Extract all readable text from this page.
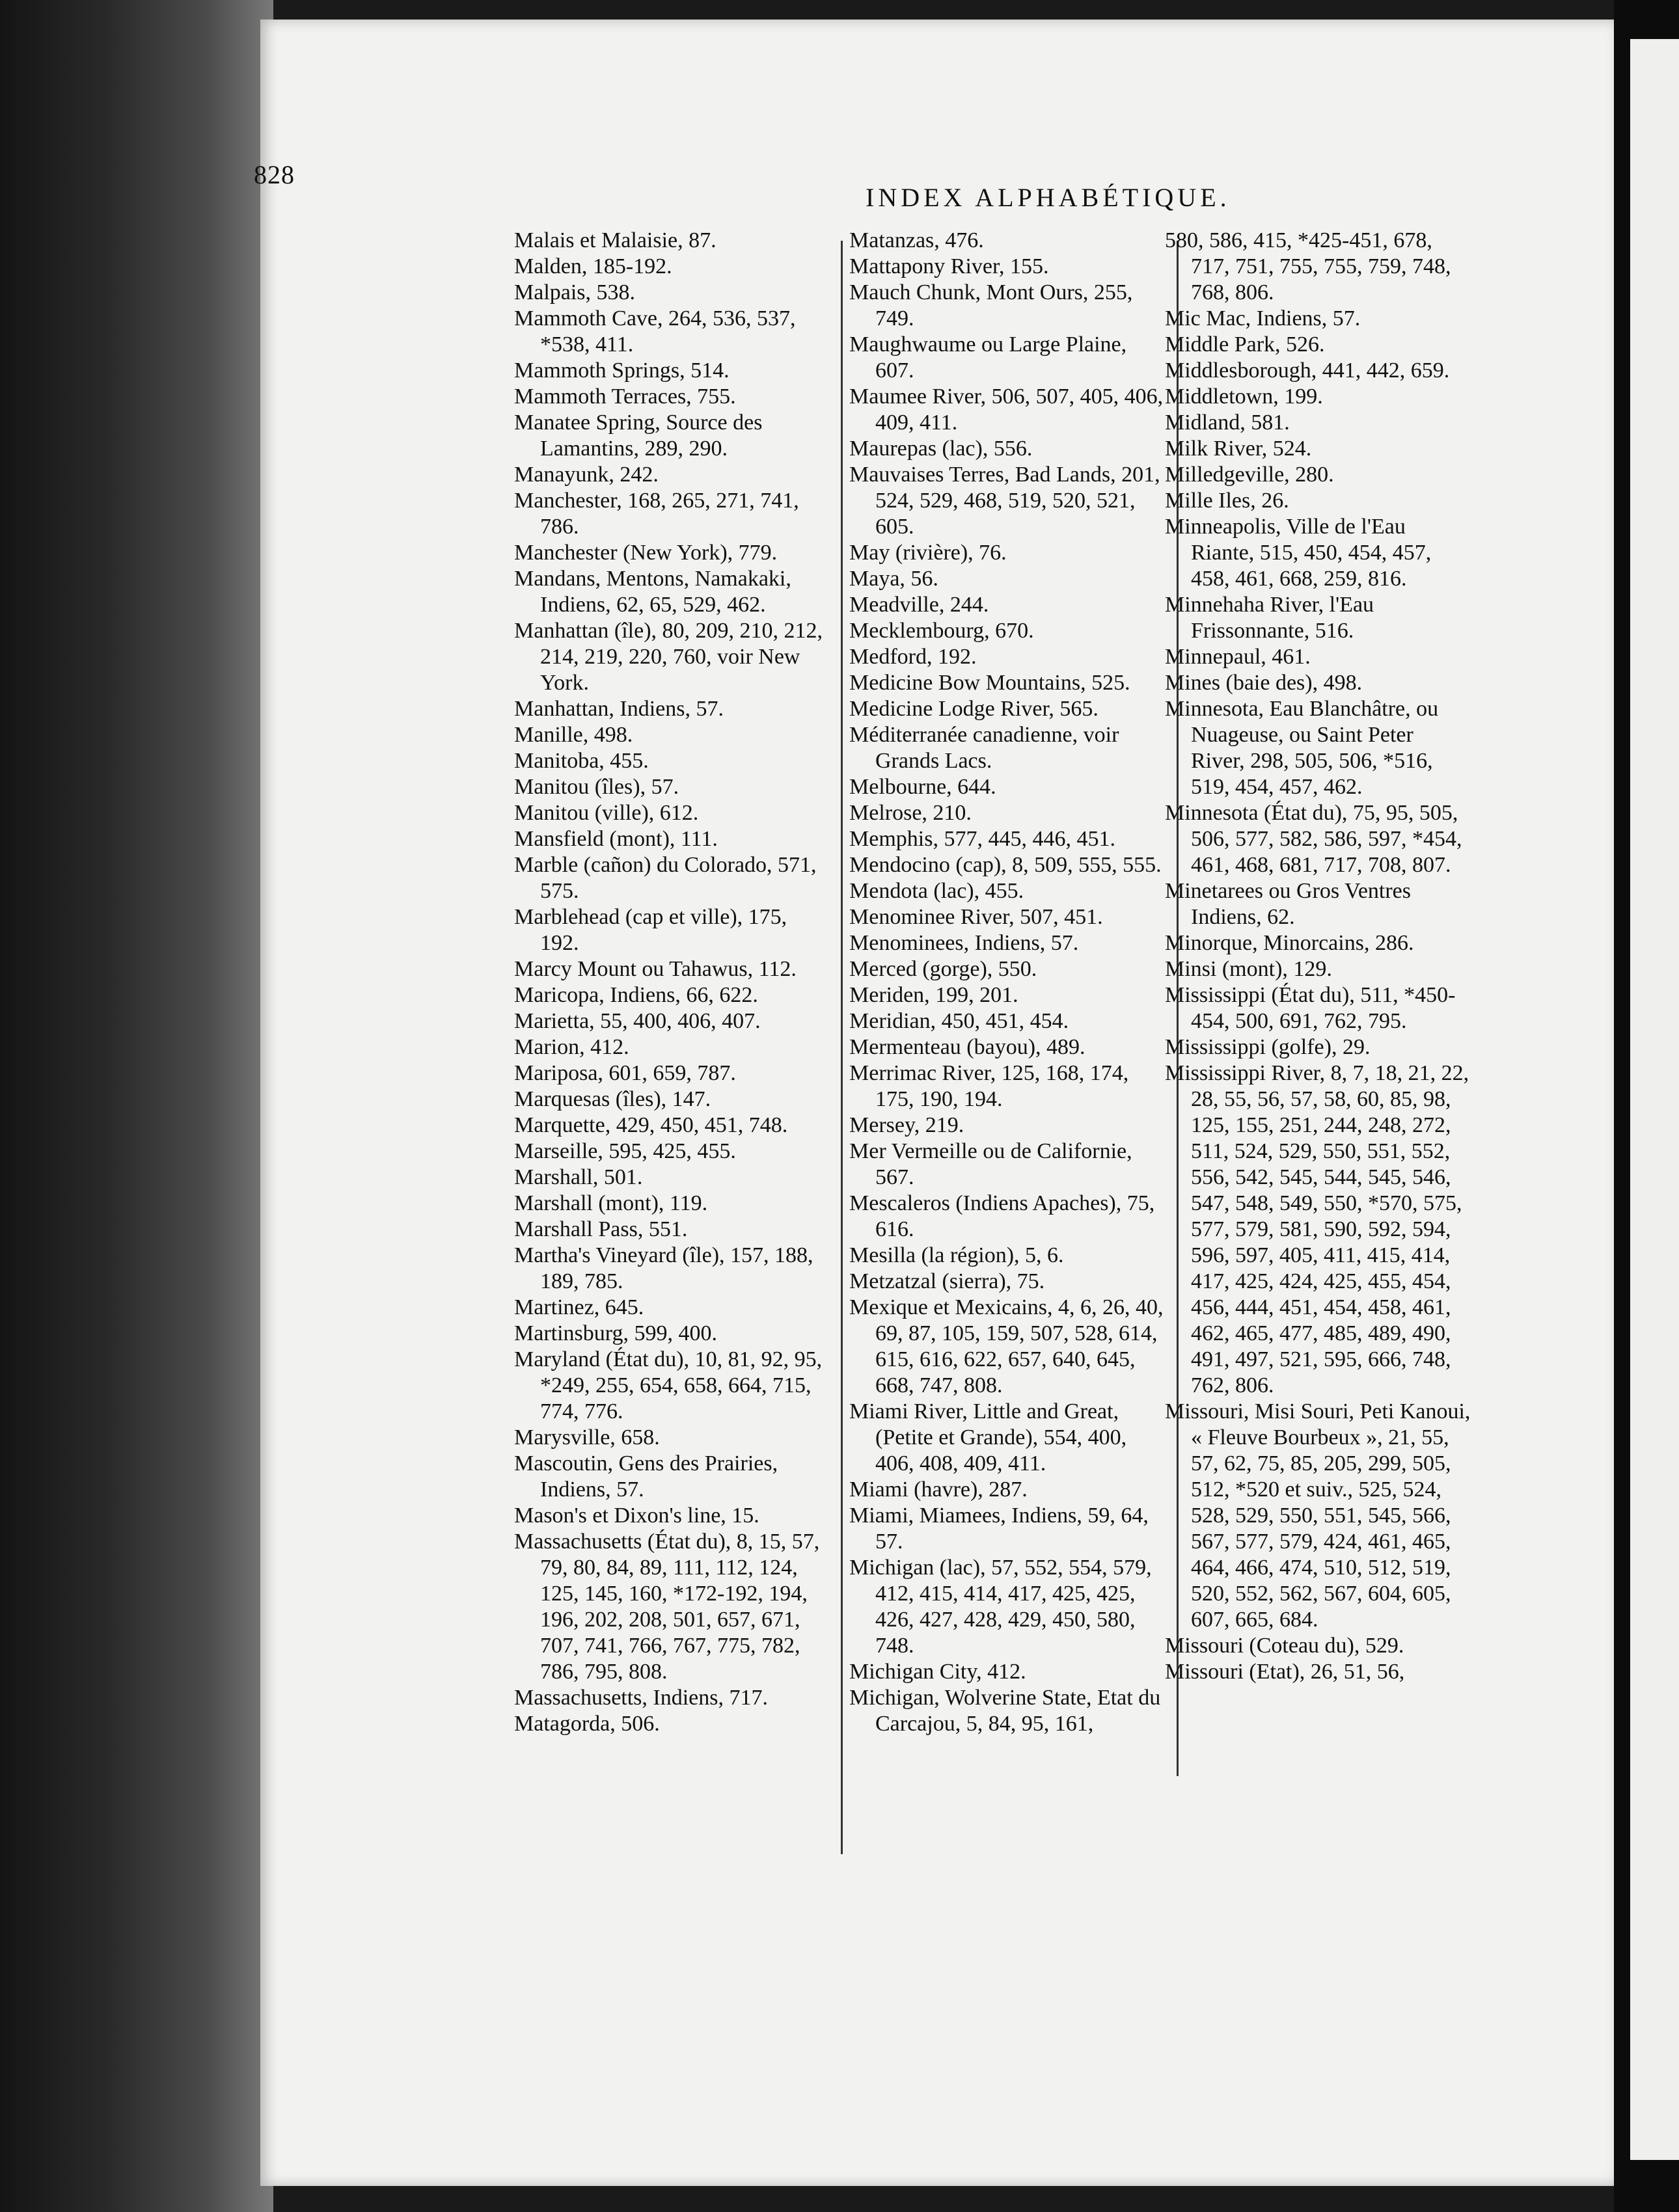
828
INDEX ALPHABÉTIQUE.

Malais et Malaisie, 87.

Malden, 185-192.

Malpais, 538.

Mammoth Cave, 264, 536, 537, *538, 411.

Mammoth Springs, 514.

Mammoth Terraces, 755.

Manatee Spring, Source des Lamantins, 289, 290.

Manayunk, 242.

Manchester, 168, 265, 271, 741, 786.

Manchester (New York), 779.

Mandans, Mentons, Namakaki, Indiens, 62, 65, 529, 462.

Manhattan (île), 80, 209, 210, 212, 214, 219, 220, 760, voir New York.

Manhattan, Indiens, 57.

Manille, 498.

Manitoba, 455.

Manitou (îles), 57.

Manitou (ville), 612.

Mansfield (mont), 111.

Marble (cañon) du Colorado, 571, 575.

Marblehead (cap et ville), 175, 192.

Marcy Mount ou Tahawus, 112.

Maricopa, Indiens, 66, 622.

Marietta, 55, 400, 406, 407.

Marion, 412.

Mariposa, 601, 659, 787.

Marquesas (îles), 147.

Marquette, 429, 450, 451, 748.

Marseille, 595, 425, 455.

Marshall, 501.

Marshall (mont), 119.

Marshall Pass, 551.

Martha's Vineyard (île), 157, 188, 189, 785.

Martinez, 645.

Martinsburg, 599, 400.

Maryland (État du), 10, 81, 92, 95, *249, 255, 654, 658, 664, 715, 774, 776.

Marysville, 658.

Mascoutin, Gens des Prairies, Indiens, 57.

Mason's et Dixon's line, 15.

Massachusetts (État du), 8, 15, 57, 79, 80, 84, 89, 111, 112, 124, 125, 145, 160, *172-192, 194, 196, 202, 208, 501, 657, 671, 707, 741, 766, 767, 775, 782, 786, 795, 808.

Massachusetts, Indiens, 717.

Matagorda, 506.

Matanzas, 476.

Mattapony River, 155.

Mauch Chunk, Mont Ours, 255, 749.

Maughwaume ou Large Plaine, 607.

Maumee River, 506, 507, 405, 406, 409, 411.

Maurepas (lac), 556.

Mauvaises Terres, Bad Lands, 201, 524, 529, 468, 519, 520, 521, 605.

May (rivière), 76.

Maya, 56.

Meadville, 244.

Mecklembourg, 670.

Medford, 192.

Medicine Bow Mountains, 525.

Medicine Lodge River, 565.

Méditerranée canadienne, voir Grands Lacs.

Melbourne, 644.

Melrose, 210.

Memphis, 577, 445, 446, 451.

Mendocino (cap), 8, 509, 555, 555.

Mendota (lac), 455.

Menominee River, 507, 451.

Menominees, Indiens, 57.

Merced (gorge), 550.

Meriden, 199, 201.

Meridian, 450, 451, 454.

Mermenteau (bayou), 489.

Merrimac River, 125, 168, 174, 175, 190, 194.

Mersey, 219.

Mer Vermeille ou de Californie, 567.

Mescaleros (Indiens Apaches), 75, 616.

Mesilla (la région), 5, 6.

Metzatzal (sierra), 75.

Mexique et Mexicains, 4, 6, 26, 40, 69, 87, 105, 159, 507, 528, 614, 615, 616, 622, 657, 640, 645, 668, 747, 808.

Miami River, Little and Great, (Petite et Grande), 554, 400, 406, 408, 409, 411.

Miami (havre), 287.

Miami, Miamees, Indiens, 59, 64, 57.

Michigan (lac), 57, 552, 554, 579, 412, 415, 414, 417, 425, 425, 426, 427, 428, 429, 450, 580, 748.

Michigan City, 412.

Michigan, Wolverine State, Etat du Carcajou, 5, 84, 95, 161,

580, 586, 415, *425-451, 678, 717, 751, 755, 755, 759, 748, 768, 806.

Mic Mac, Indiens, 57.

Middle Park, 526.

Middlesborough, 441, 442, 659.

Middletown, 199.

Midland, 581.

Milk River, 524.

Milledgeville, 280.

Mille Iles, 26.

Minneapolis, Ville de l'Eau Riante, 515, 450, 454, 457, 458, 461, 668, 259, 816.

Minnehaha River, l'Eau Frissonnante, 516.

Minnepaul, 461.

Mines (baie des), 498.

Minnesota, Eau Blanchâtre, ou Nuageuse, ou Saint Peter River, 298, 505, 506, *516, 519, 454, 457, 462.

Minnesota (État du), 75, 95, 505, 506, 577, 582, 586, 597, *454, 461, 468, 681, 717, 708, 807.

Minetarees ou Gros Ventres Indiens, 62.

Minorque, Minorcains, 286.

Minsi (mont), 129.

Mississippi (État du), 511, *450-454, 500, 691, 762, 795.

Mississippi (golfe), 29.

Mississippi River, 8, 7, 18, 21, 22, 28, 55, 56, 57, 58, 60, 85, 98, 125, 155, 251, 244, 248, 272, 511, 524, 529, 550, 551, 552, 556, 542, 545, 544, 545, 546, 547, 548, 549, 550, *570, 575, 577, 579, 581, 590, 592, 594, 596, 597, 405, 411, 415, 414, 417, 425, 424, 425, 455, 454, 456, 444, 451, 454, 458, 461, 462, 465, 477, 485, 489, 490, 491, 497, 521, 595, 666, 748, 762, 806.

Missouri, Misi Souri, Peti Kanoui, « Fleuve Bourbeux », 21, 55, 57, 62, 75, 85, 205, 299, 505, 512, *520 et suiv., 525, 524, 528, 529, 550, 551, 545, 566, 567, 577, 579, 424, 461, 465, 464, 466, 474, 510, 512, 519, 520, 552, 562, 567, 604, 605, 607, 665, 684.

Missouri (Coteau du), 529.

Missouri (Etat), 26, 51, 56,
